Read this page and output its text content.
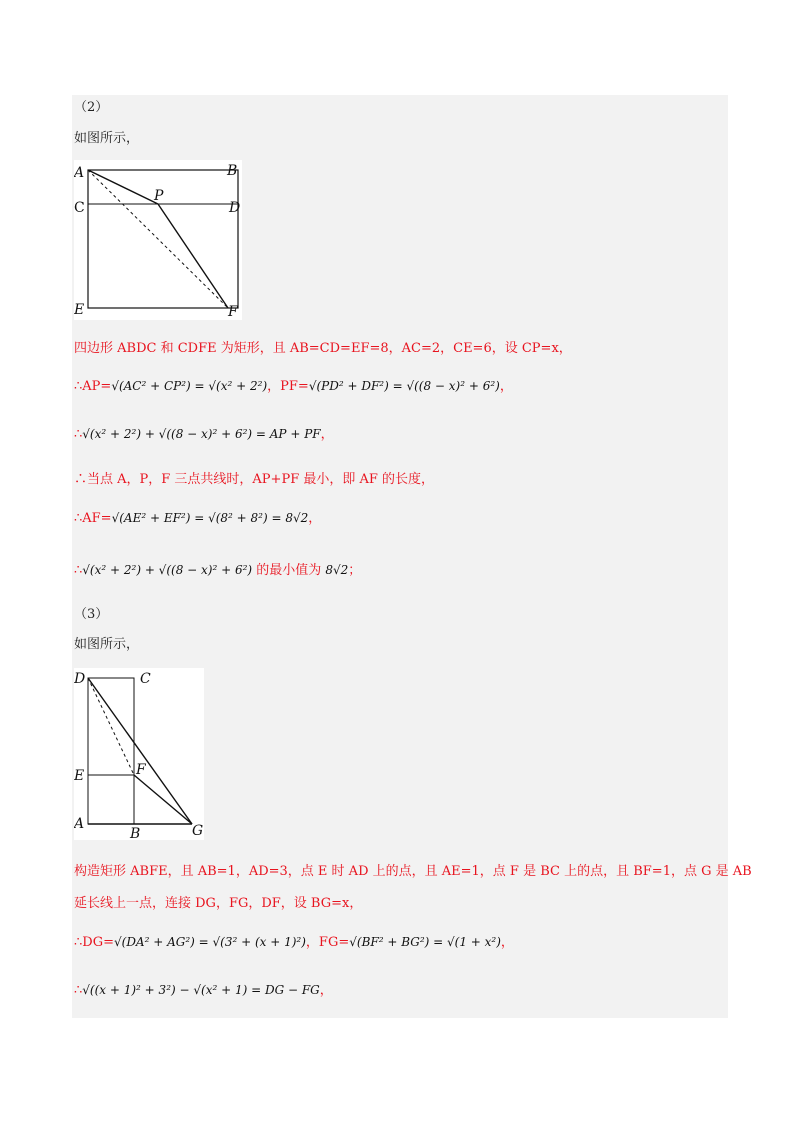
（2）
如图所示，
A	B
C	D
P
E	F
四边形 ABDC 和 CDFE 为矩形，且 AB=CD=EF=8，AC=2，CE=6，设 CP=x，
∴AP=√(AC² + CP²) = √(x² + 2²)，PF=√(PD² + DF²) = √((8 − x)² + 6²)，
∴√(x² + 2²) + √((8 − x)² + 6²) = AP + PF，
∴当点 A，P，F 三点共线时，AP+PF 最小，即 AF 的长度，
∴AF=√(AE² + EF²) = √(8² + 8²) = 8√2，
∴√(x² + 2²) + √((8 − x)² + 6²) 的最小值为 8√2；
（3）
如图所示，
D	C
E	F
A
B	G
构造矩形 ABFE，且 AB=1，AD=3，点 E 时 AD 上的点，且 AE=1，点 F 是 BC 上的点，且 BF=1，点 G 是 AB
延长线上一点，连接 DG，FG，DF，设 BG=x，
∴DG=√(DA² + AG²) = √(3² + (x + 1)²)，FG=√(BF² + BG²) = √(1 + x²)，
∴√((x + 1)² + 3²) − √(x² + 1) = DG − FG，
